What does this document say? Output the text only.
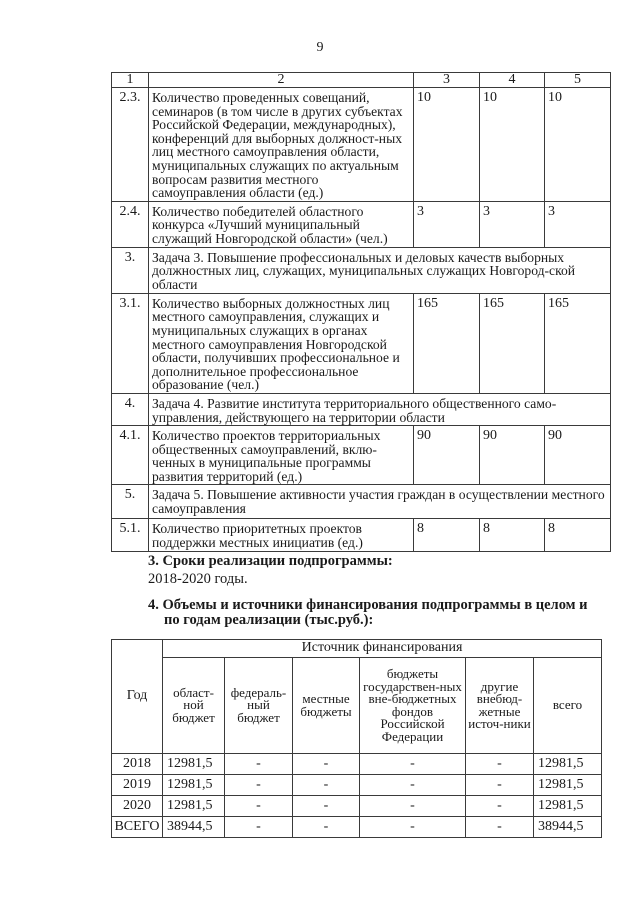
9
1	2	3	4	5
2.3.	Количество проведенных совещаний, семинаров (в том числе в других субъектах Российской Федерации, международных), конференций для выборных должност-ных лиц местного самоуправления области, муниципальных служащих по актуальным вопросам развития местного самоуправления области (ед.)	10	10	10
2.4.	Количество победителей областного конкурса «Лучший муниципальный служащий Новгородской области» (чел.)	3	3	3
3.	Задача 3. Повышение профессиональных и деловых качеств выборных должностных лиц, служащих, муниципальных служащих Новгород-ской области			
3.1.	Количество выборных должностных лиц местного самоуправления, служащих и муниципальных служащих в органах местного самоуправления Новгородской области, получивших профессиональное и дополнительное профессиональное образование (чел.)	165	165	165
4.	Задача 4. Развитие института территориального общественного само-управления, действующего на территории области			
4.1.	Количество проектов территориальных общественных самоуправлений, вклю-ченных в муниципальные программы развития территорий (ед.)	90	90	90
5.	Задача 5. Повышение активности участия граждан в осуществлении местного самоуправления			
5.1.	Количество приоритетных проектов поддержки местных инициатив (ед.)	8	8	8
3. Сроки реализации подпрограммы:
2018-2020 годы.
4. Объемы и источники финансирования подпрограммы в целом и
по годам реализации (тыс.руб.):
Год	Источник финансирования					
	област-ной бюджет	федераль-ный бюджет	местные бюджеты	бюджеты государствен-ных вне-бюджетных фондов Российской Федерации	другие внебюд-жетные источ-ники	всего
2018	12981,5	-	-	-	-	12981,5
2019	12981,5	-	-	-	-	12981,5
2020	12981,5	-	-	-	-	12981,5
ВСЕГО	38944,5	-	-	-	-	38944,5
